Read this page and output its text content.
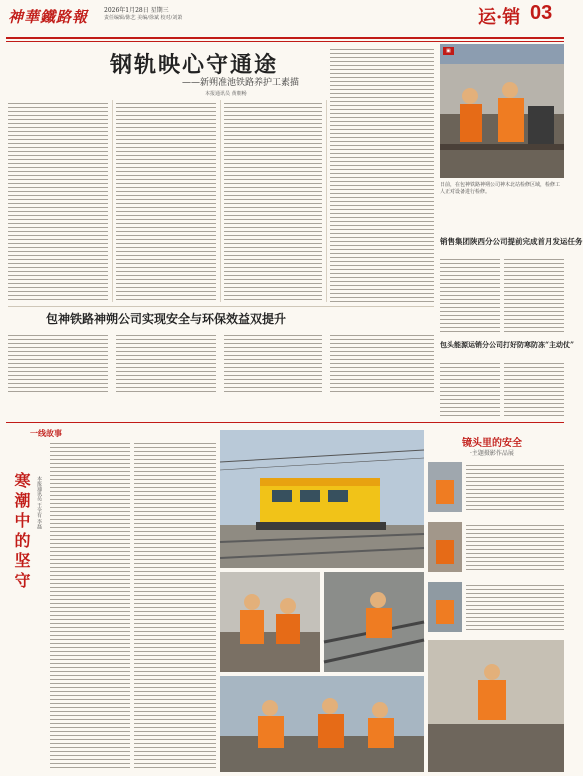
神華鐵路報	2026年1月28日 星期三
责任编辑/陈艺 美编/徐斌 校对/刘萧	运·销 03
钢轨映心守通途
——新朔准池铁路养护工素描
本报通讯员 黄朝畅
包神铁路神朔公司实现安全与环保效益双提升
▣
日前，在包神铁路神朔公司神木北站检修区域，检修工人正对设备进行检修。
销售集团陕西分公司提前完成首月发运任务
包头能源运销分公司打好防寒防冻“主动仗”
一线故事
寒潮中的坚守	本报通讯员 王全有 李磊
镜头里的安全
·主题摄影作品展
